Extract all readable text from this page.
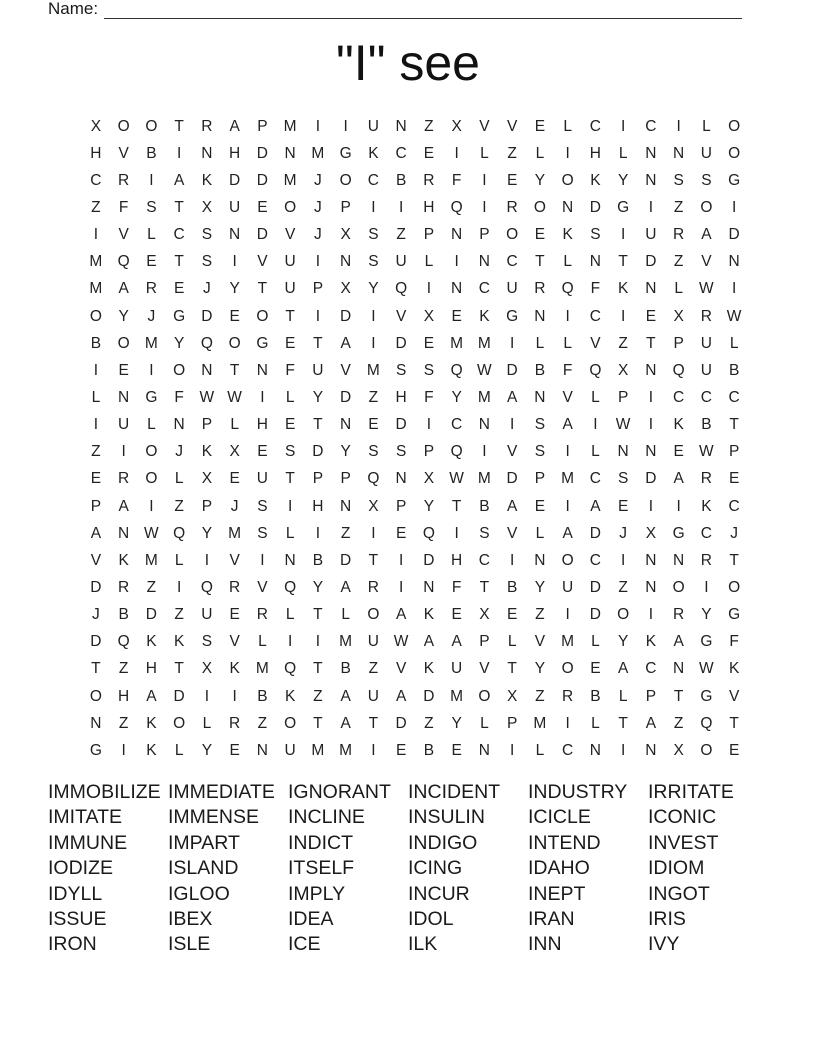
Name:
"I" see
X	O	O	T	R	A	P	M	I	I	U	N	Z	X	V	V	E	L	C	I	C	I	L	O
H	V	B	I	N	H	D	N	M G	K	C	E	I	L	Z	L	I	H	L	N	N	U	O
C	R	I	A	K	D	D	M	J	O	C	B	R	F	I	E	Y	O	K	Y	N	S	S	G
Z	F	S	T	X	U	E	O	J	P	I	I	H	Q	I	R	O	N	D	G	I	Z	O	I
I	V	L	C	S	N	D	V	J	X	S	Z	P	N	P	O	E	K	S	I	U	R	A	D
M Q	E	T	S	I	V	U	I	N	S	U	L	I	N	C	T	L	N	T	D	Z	V	N
M	A	R	E	J	Y	T	U	P	X	Y	Q	I	N	C	U	R	Q	F	K	N	L	W	I
O	Y	J	G	D	E	O	T	I	D	I	V	X	E	K	G	N	I	C	I	E	X	R W
B	O M	Y	Q	O	G	E	T	A	I	D	E	M M	I	L	L	V	Z	T	P	U	L
I	E	I	O	N	T	N	F	U	V	M	S	S	Q W D	B	F	Q	X	N	Q	U	B
L	N	G	F	W W	I	L	Y	D	Z	H	F	Y	M	A	N	V	L	P	I	C	C	C
I	U	L	N	P	L	H	E	T	N	E	D	I	C	N	I	S	A	I	W	I	K	B	T
Z	I	O	J	K	X	E	S	D	Y	S	S	P	Q	I	V	S	I	L	N	N	E W P
E	R	O	L	X	E	U	T	P	P	Q	N	X W M	D	P	M	C	S	D	A	R	E
P	A	I	Z	P	J	S	I	H	N	X	P	Y	T	B	A	E	I	A	E	I	I	K	C
A	N W Q	Y	M	S	L	I	Z	I	E	Q	I	S	V	L	A	D	J	X	G	C	J
V	K	M	L	I	V	I	N	B	D	T	I	D	H	C	I	N	O	C	I	N	N	R	T
D	R	Z	I	Q	R	V	Q	Y	A	R	I	N	F	T	B	Y	U	D	Z	N	O	I	O
J	B	D	Z	U	E	R	L	T	L	O	A	K	E	X	E	Z	I	D	O	I	R	Y	G
D	Q	K	K	S	V	L	I	I	M	U W A	A	P	L	V	M	L	Y	K	A	G	F
T	Z	H	T	X	K	M Q	T	B	Z	V	K	U	V	T	Y	O	E	A	C	N W K
O	H	A	D	I	I	B	K	Z	A	U	A	D	M O	X	Z	R	B	L	P	T	G	V
N	Z	K	O	L	R	Z	O	T	A	T	D	Z	Y	L	P	M	I	L	T	A	Z	Q	T
G	I	K	L	Y	E	N	U	M M	I	E	B	E	N	I	L	C	N	I	N	X	O	E
IMMOBILIZE IMMEDIATE IGNORANT INCIDENT	INDUSTRY	IRRITATE
IMITATE	IMMENSE	INCLINE	INSULIN	ICICLE	ICONIC
IMMUNE	IMPART	INDICT	INDIGO	INTEND	INVEST
IODIZE	ISLAND	ITSELF	ICING	IDAHO	IDIOM
IDYLL	IGLOO	IMPLY	INCUR	INEPT	INGOT
ISSUE	IBEX	IDEA	IDOL	IRAN	IRIS
IRON	ISLE	ICE	ILK	INN	IVY
